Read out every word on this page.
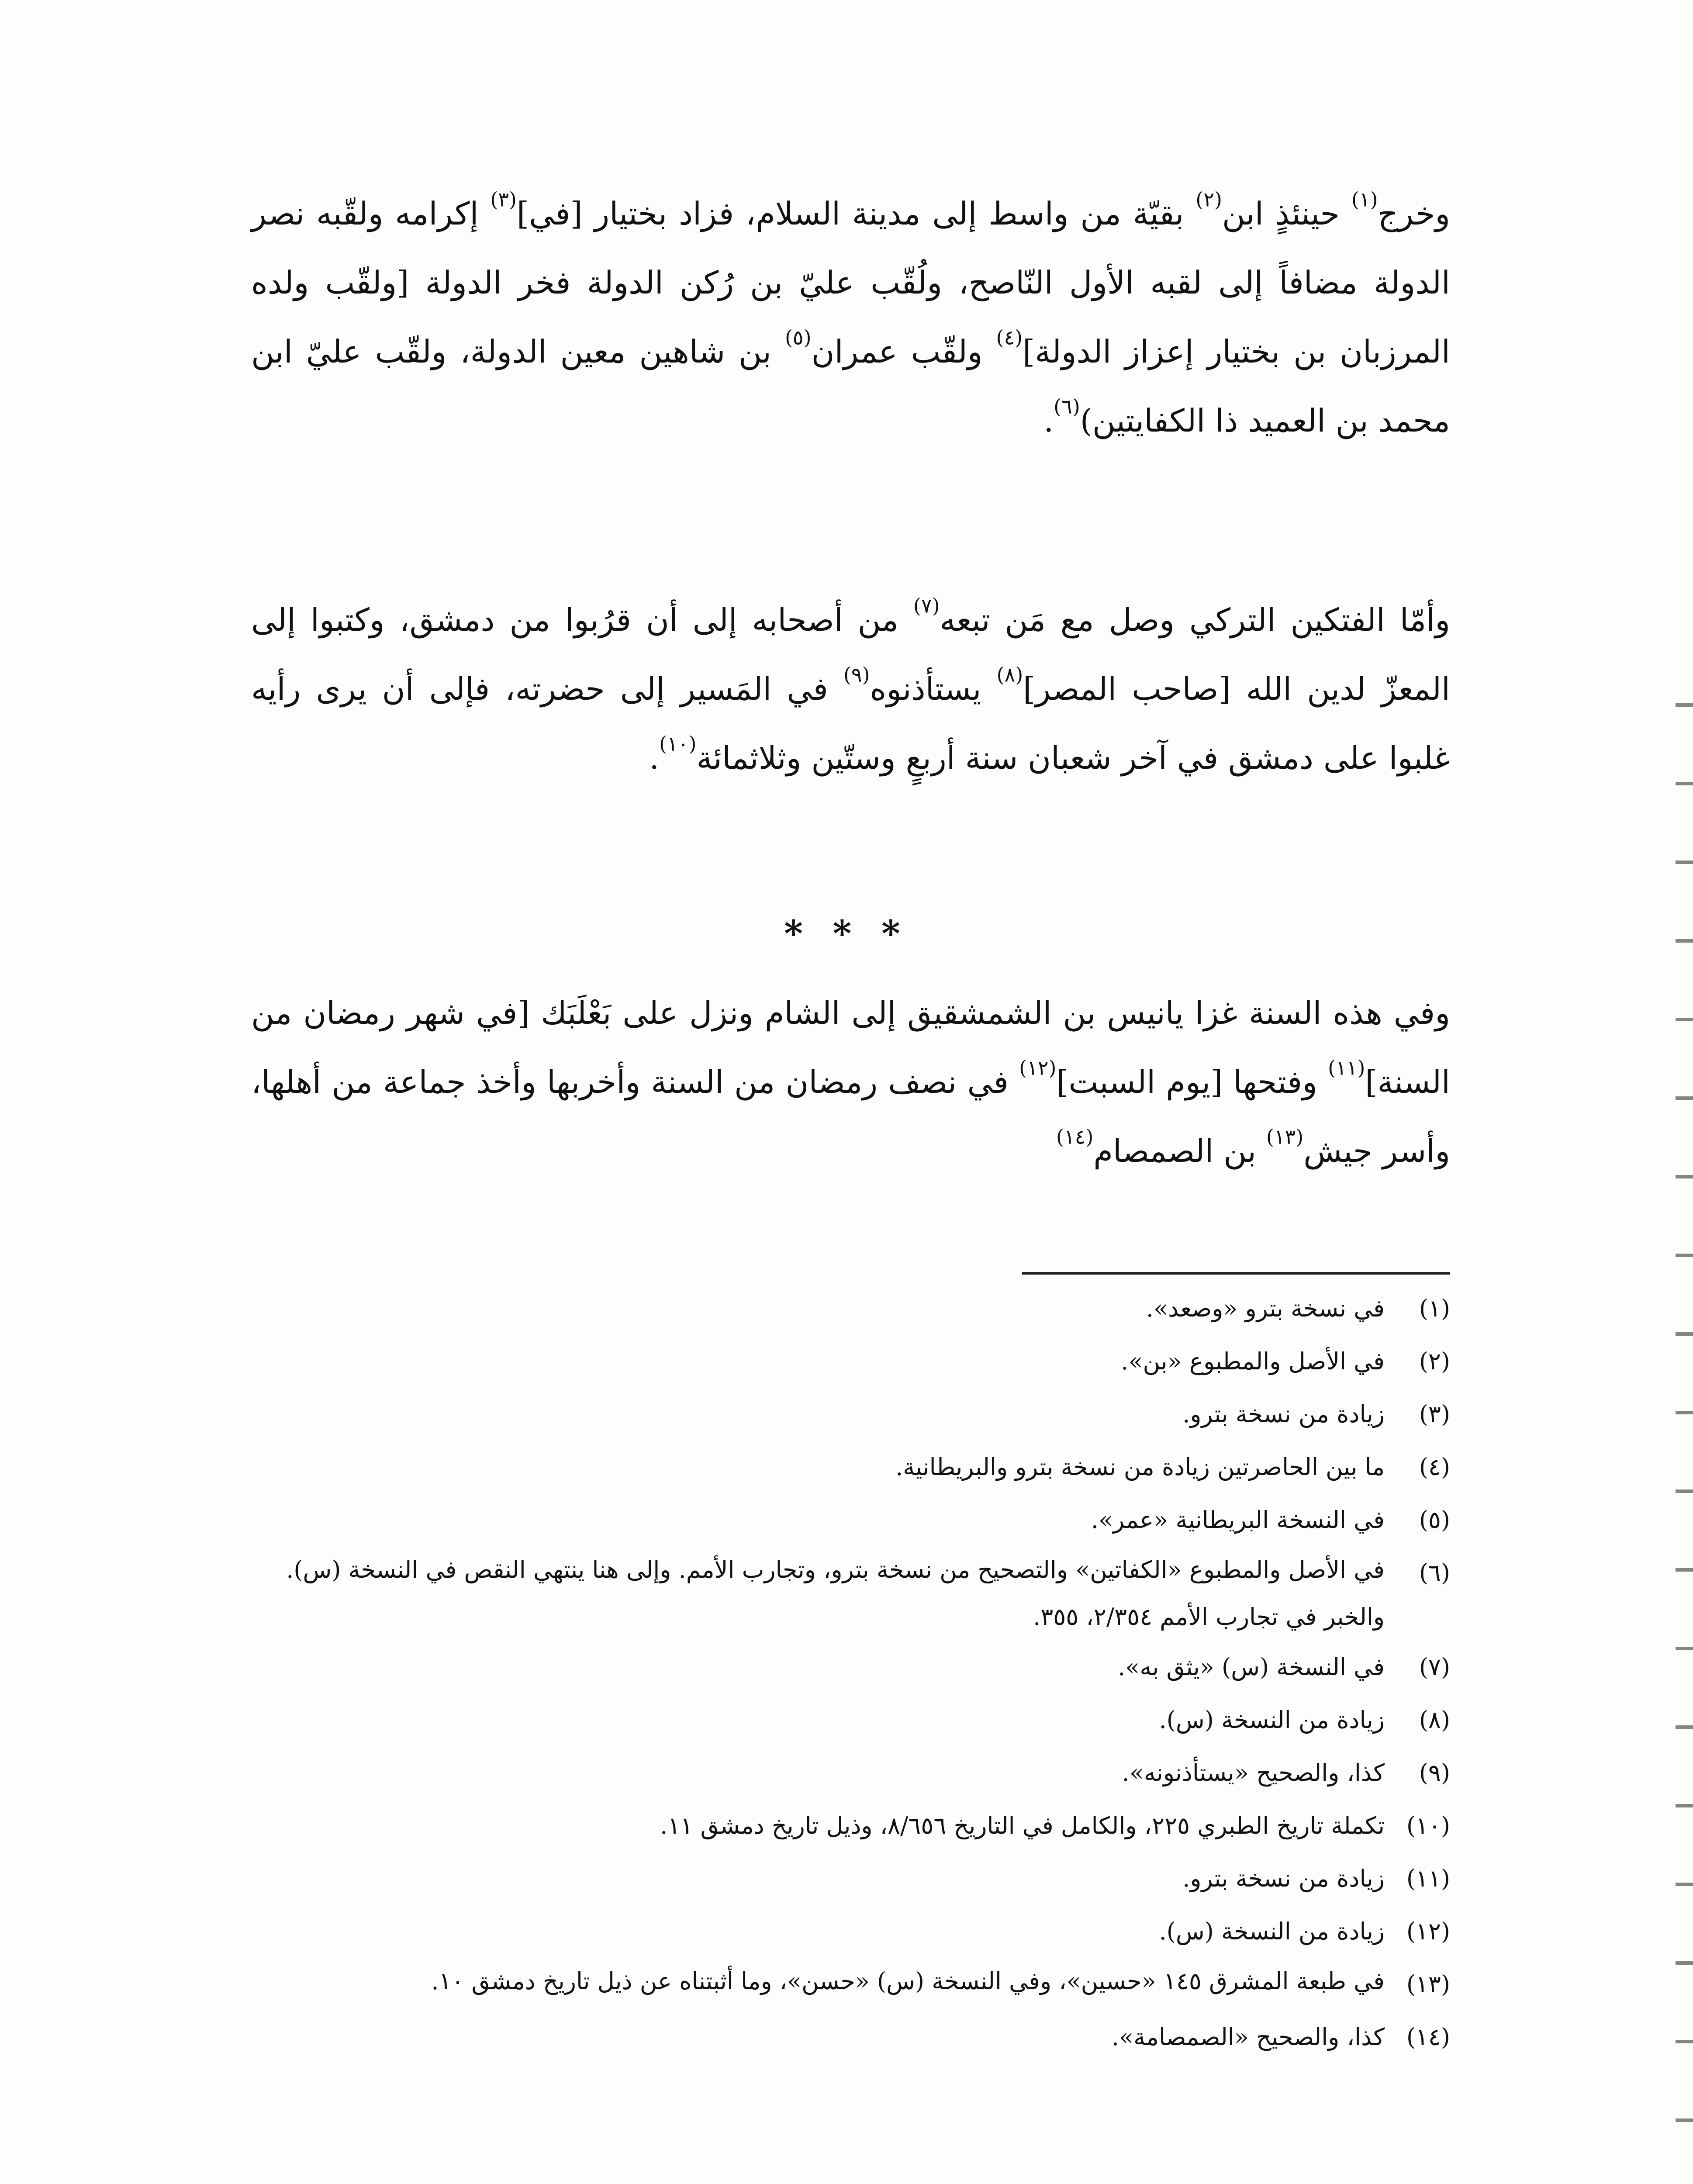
وخرج$^{(١)}$ حينئذٍ ابن$^{(٢)}$ بقيّة من واسط إلى مدينة السلام، فزاد بختيار [في]$^{(٣)}$ إكرامه ولقّبه نصر الدولة مضافاً إلى لقبه الأول النّاصح، ولُقّب عليّ بن رُكن الدولة فخر الدولة [ولقّب ولده المرزبان بن بختيار إعزاز الدولة]$^{(٤)}$ ولقّب عمران$^{(٥)}$ بن شاهين معين الدولة، ولقّب عليّ ابن محمد بن العميد ذا الكفايتين)$^{(٦)}$.

وأمّا الفتكين التركي وصل مع مَن تبعه$^{(٧)}$ من أصحابه إلى أن قرُبوا من دمشق، وكتبوا إلى المعزّ لدين الله [صاحب المصر]$^{(٨)}$ يستأذنوه$^{(٩)}$ في المَسير إلى حضرته، فإلى أن يرى رأيه غلبوا على دمشق في آخر شعبان سنة أربعٍ وستّين وثلاثمائة$^{(١٠)}$.

* * *

وفي هذه السنة غزا يانيس بن الشمشقيق إلى الشام ونزل على بَعْلَبَك [في شهر رمضان من السنة]$^{(١١)}$ وفتحها [يوم السبت]$^{(١٢)}$ في نصف رمضان من السنة وأخربها وأخذ جماعة من أهلها، وأسر جيش$^{(١٣)}$ بن الصمصام$^{(١٤)}$

(١)
في نسخة بترو «وصعد».
(٢)
في الأصل والمطبوع «بن».
(٣)
زيادة من نسخة بترو.
(٤)
ما بين الحاصرتين زيادة من نسخة بترو والبريطانية.
(٥)
في النسخة البريطانية «عمر».
(٦)
في الأصل والمطبوع «الكفاتين» والتصحيح من نسخة بترو، وتجارب الأمم. وإلى هنا ينتهي النقص في النسخة (س). والخبر في تجارب الأمم ٢/٣٥٤، ٣٥٥.
(٧)
في النسخة (س) «يثق به».
(٨)
زيادة من النسخة (س).
(٩)
كذا، والصحيح «يستأذنونه».
(١٠)
تكملة تاريخ الطبري ٢٢٥، والكامل في التاريخ ٨/٦٥٦، وذيل تاريخ دمشق ١١.
(١١)
زيادة من نسخة بترو.
(١٢)
زيادة من النسخة (س).
(١٣)
في طبعة المشرق ١٤٥ «حسين»، وفي النسخة (س) «حسن»، وما أثبتناه عن ذيل تاريخ دمشق ١٠.
(١٤)
كذا، والصحيح «الصمصامة».
